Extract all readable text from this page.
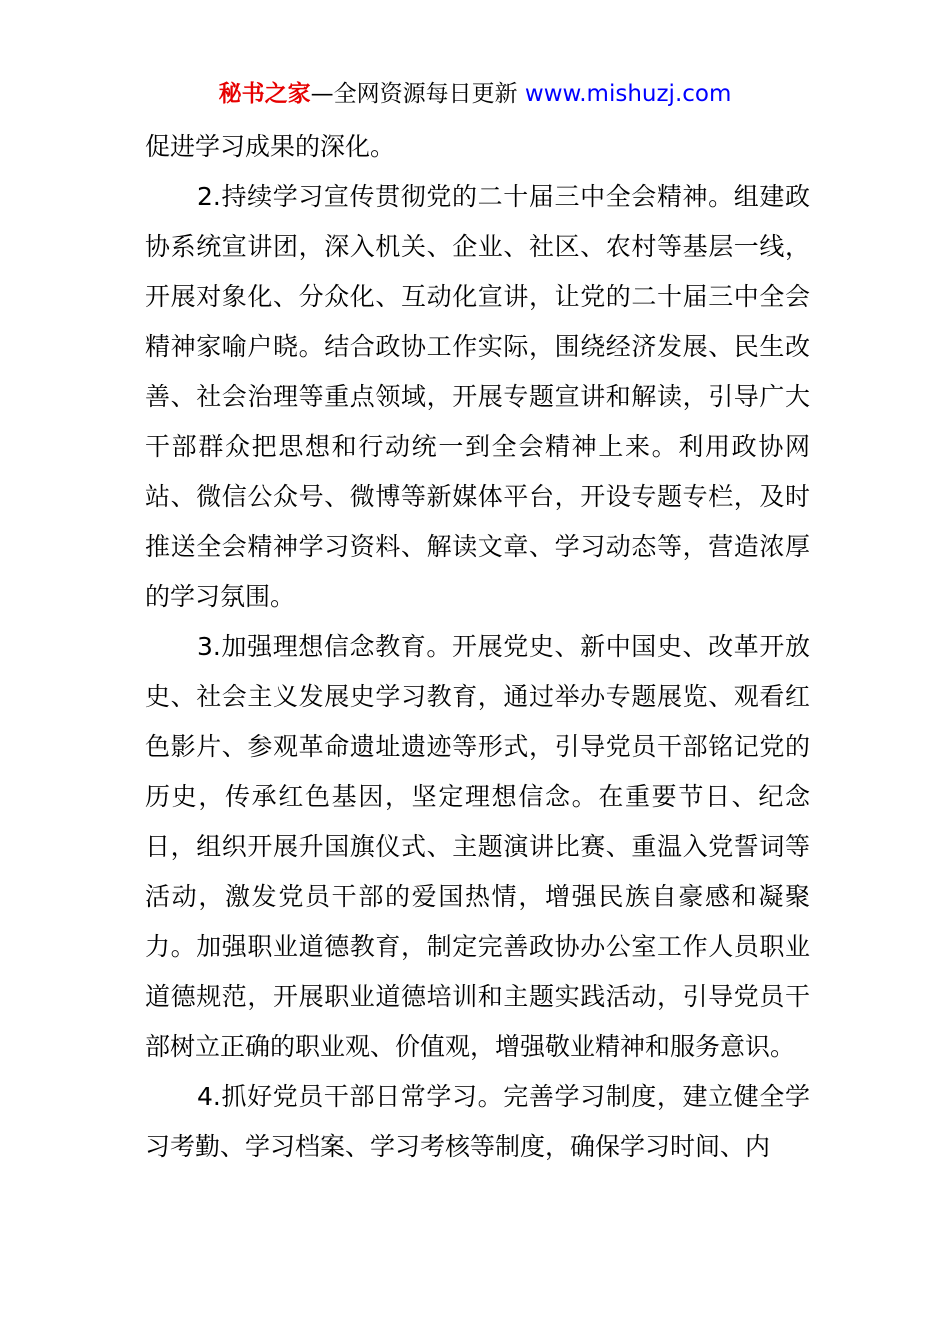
秘书之家—全网资源每日更新 www.mishuzj.com

促进学习成果的深化。

2.持续学习宣传贯彻党的二十届三中全会精神。组建政协系统宣讲团，深入机关、企业、社区、农村等基层一线，开展对象化、分众化、互动化宣讲，让党的二十届三中全会精神家喻户晓。结合政协工作实际，围绕经济发展、民生改善、社会治理等重点领域，开展专题宣讲和解读，引导广大干部群众把思想和行动统一到全会精神上来。利用政协网站、微信公众号、微博等新媒体平台，开设专题专栏，及时推送全会精神学习资料、解读文章、学习动态等，营造浓厚的学习氛围。

3.加强理想信念教育。开展党史、新中国史、改革开放史、社会主义发展史学习教育，通过举办专题展览、观看红色影片、参观革命遗址遗迹等形式，引导党员干部铭记党的历史，传承红色基因，坚定理想信念。在重要节日、纪念日，组织开展升国旗仪式、主题演讲比赛、重温入党誓词等活动，激发党员干部的爱国热情，增强民族自豪感和凝聚力。加强职业道德教育，制定完善政协办公室工作人员职业道德规范，开展职业道德培训和主题实践活动，引导党员干部树立正确的职业观、价值观，增强敬业精神和服务意识。

4.抓好党员干部日常学习。完善学习制度，建立健全学习考勤、学习档案、学习考核等制度，确保学习时间、内
